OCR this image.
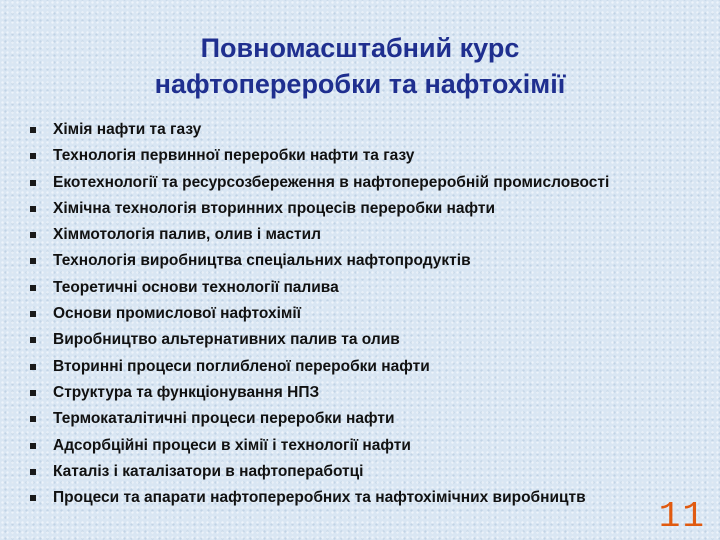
Повномасштабний курс
нафтопереробки та нафтохімії
Хімія нафти та газу
Технологія первинної переробки нафти та газу
Екотехнології та ресурсозбереження в нафтопереробній промисловості
Хімічна технологія вторинних процесів переробки нафти
Хіммотологія палив, олив і мастил
Технологія виробництва спеціальних нафтопродуктів
Теоретичні основи технології палива
Основи промислової нафтохімії
Виробництво альтернативних палив та олив
Вторинні процеси поглибленої переробки нафти
Структура та функціонування НПЗ
Термокаталітичні процеси переробки нафти
Адсорбційні процеси в хімії і технології нафти
Каталіз і каталізатори в нафтопеработці
Процеси та апарати нафтопереробних та нафтохімічних виробництв	11
